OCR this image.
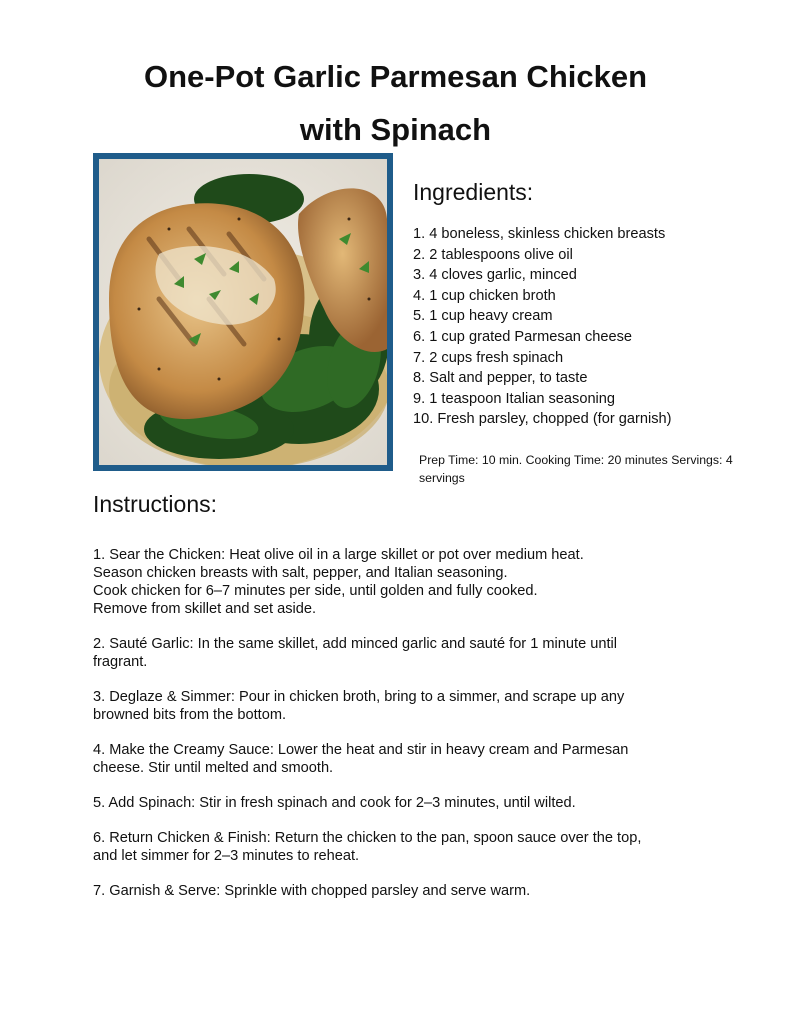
One-Pot Garlic Parmesan Chicken
with Spinach
Ingredients:
1. 4 boneless, skinless chicken breasts
2. 2 tablespoons olive oil
3. 4 cloves garlic, minced
4. 1 cup chicken broth
5. 1 cup heavy cream
6. 1 cup grated Parmesan cheese
7. 2 cups fresh spinach
8. Salt and pepper, to taste
9. 1 teaspoon Italian seasoning
10. Fresh parsley, chopped (for garnish)

Prep Time: 10 min. Cooking Time: 20 minutes Servings: 4 servings

Instructions:

1. Sear the Chicken: Heat olive oil in a large skillet or pot over medium heat.
Season chicken breasts with salt, pepper, and Italian seasoning.
Cook chicken for 6–7 minutes per side, until golden and fully cooked.
Remove from skillet and set aside.

2. Sauté Garlic: In the same skillet, add minced garlic and sauté for 1 minute until
fragrant.

3. Deglaze & Simmer: Pour in chicken broth, bring to a simmer, and scrape up any
browned bits from the bottom.

4. Make the Creamy Sauce: Lower the heat and stir in heavy cream and Parmesan
cheese. Stir until melted and smooth.

5. Add Spinach: Stir in fresh spinach and cook for 2–3 minutes, until wilted.

6. Return Chicken & Finish: Return the chicken to the pan, spoon sauce over the top,
and let simmer for 2–3 minutes to reheat.

7. Garnish & Serve: Sprinkle with chopped parsley and serve warm.
